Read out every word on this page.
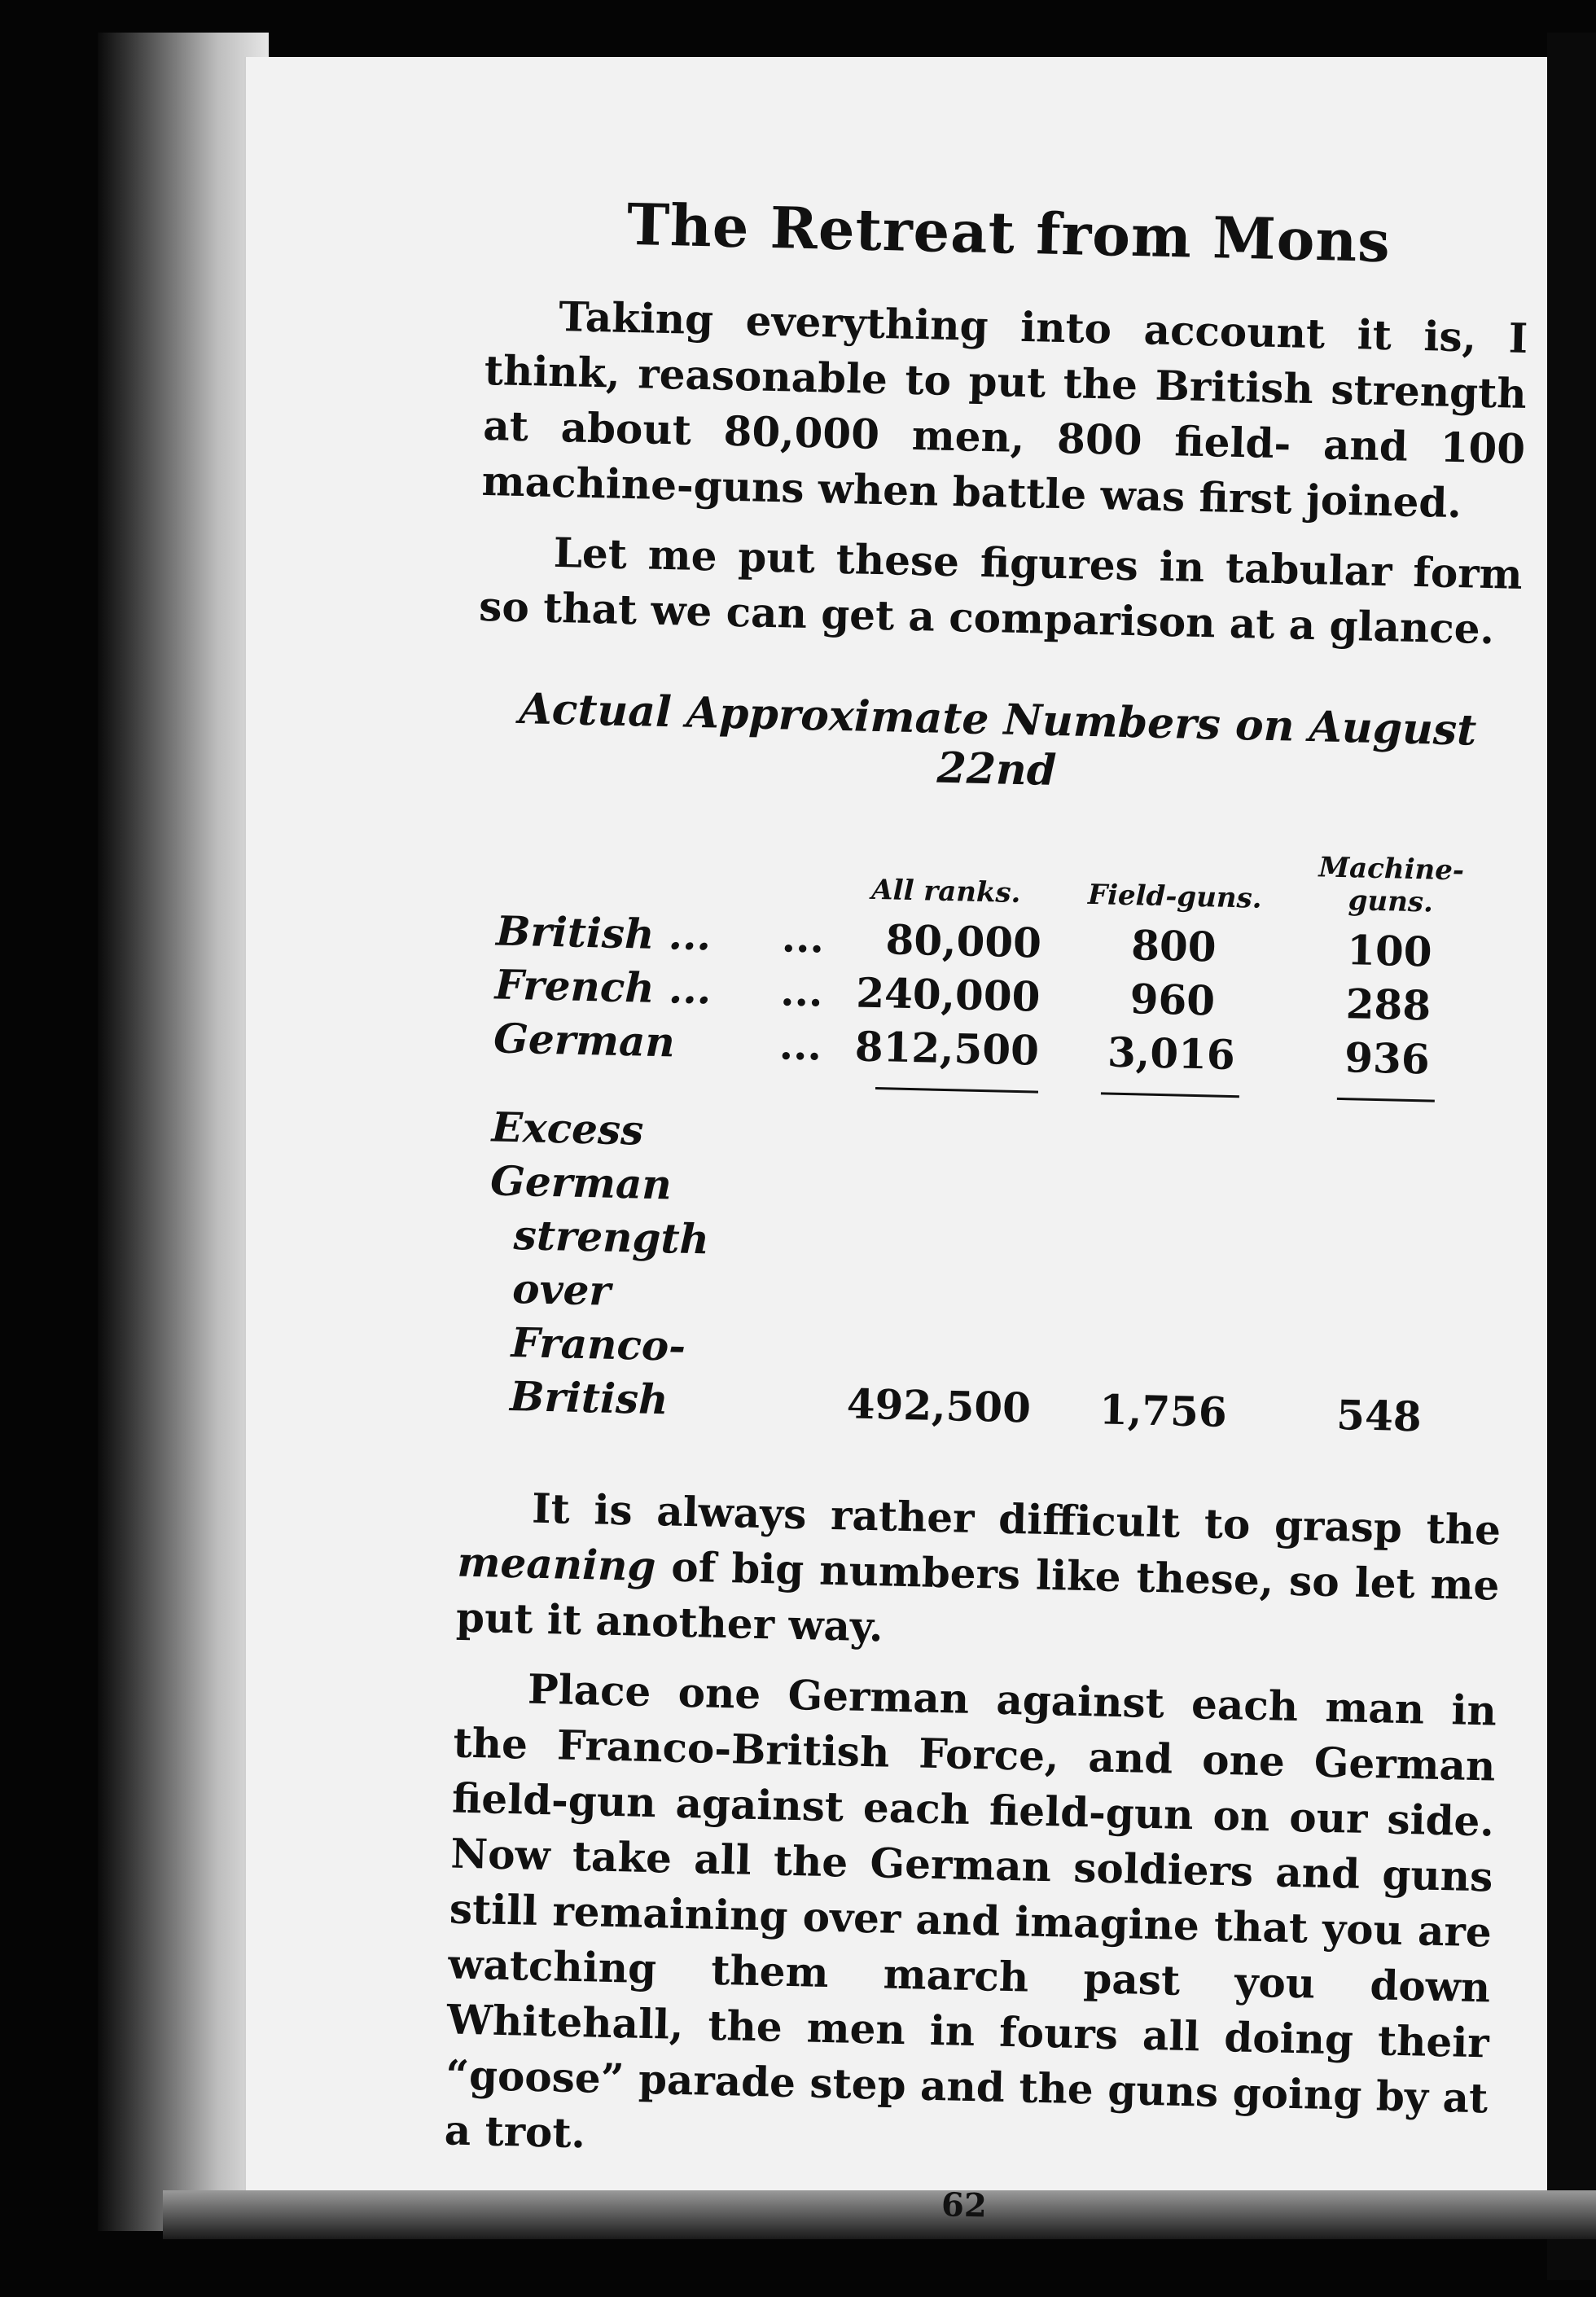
The Retreat from Mons

Taking everything into account it is, I think, reasonable to put the British strength at about 80,000 men, 800 field- and 100 machine-guns when battle was first joined.

Let me put these figures in tabular form so that we can get a comparison at a glance.

Actual Approximate Numbers on August 22nd
		All ranks.	Field-guns.	Machine-guns.
British ...	...	80,000	800	100
French ...	...	240,000	960	288
German	...	812,500	3,016	936

Excess German
strength over
Franco-British		492,500	1,756	548

It is always rather difficult to grasp the meaning of big numbers like these, so let me put it another way.

Place one German against each man in the Franco-British Force, and one German field-gun against each field-gun on our side. Now take all the German soldiers and guns still remaining over and imagine that you are watching them march past you down Whitehall, the men in fours all doing their “goose” parade step and the guns going by at a trot.

62
